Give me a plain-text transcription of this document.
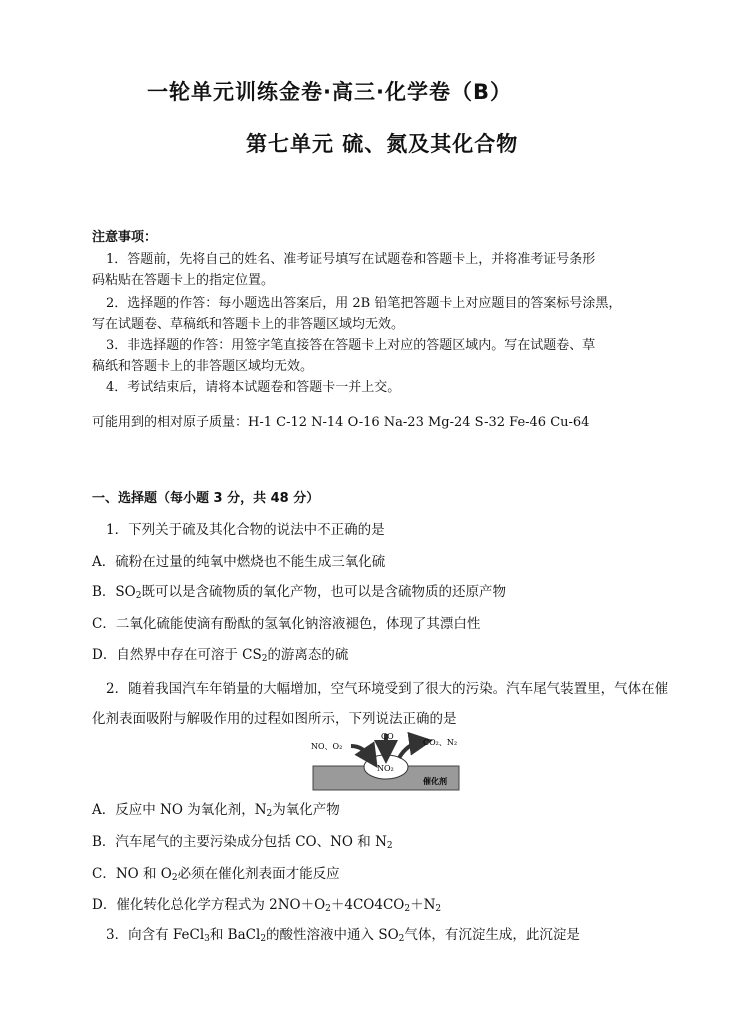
一轮单元训练金卷·高三·化学卷（B）
第七单元 硫、氮及其化合物
注意事项：
1．答题前，先将自己的姓名、准考证号填写在试题卷和答题卡上，并将准考证号条形
码粘贴在答题卡上的指定位置。
2．选择题的作答：每小题选出答案后，用 2B 铅笔把答题卡上对应题目的答案标号涂黑，
写在试题卷、草稿纸和答题卡上的非答题区域均无效。
3．非选择题的作答：用签字笔直接答在答题卡上对应的答题区域内。写在试题卷、草
稿纸和答题卡上的非答题区域均无效。
4．考试结束后，请将本试题卷和答题卡一并上交。
可能用到的相对原子质量：H-1 C-12 N-14 O-16 Na-23 Mg-24 S-32 Fe-46 Cu-64
一、选择题（每小题 3 分，共 48 分）
1．下列关于硫及其化合物的说法中不正确的是
A．硫粉在过量的纯氧中燃烧也不能生成三氧化硫
B．$SO_2$既可以是含硫物质的氧化产物，也可以是含硫物质的还原产物
C．二氧化硫能使滴有酚酞的氢氧化钠溶液褪色，体现了其漂白性
D．自然界中存在可溶于 $CS_2$的游离态的硫
2．随着我国汽车年销量的大幅增加，空气环境受到了很大的污染。汽车尾气装置里，气体在催
化剂表面吸附与解吸作用的过程如图所示，下列说法正确的是
NO、O₂
CO
CO₂、N₂
NO₂
催化剂
A．反应中 NO 为氧化剂，$N_2$为氧化产物
B．汽车尾气的主要污染成分包括 CO、NO 和 $N_2$
C．NO 和 $O_2$必须在催化剂表面才能反应
D．催化转化总化学方程式为 $2NO+O_2+4CO4CO_2+N_2$
3．向含有 FeCl$_3$和 BaCl$_2$的酸性溶液中通入 $SO_2$气体，有沉淀生成，此沉淀是
